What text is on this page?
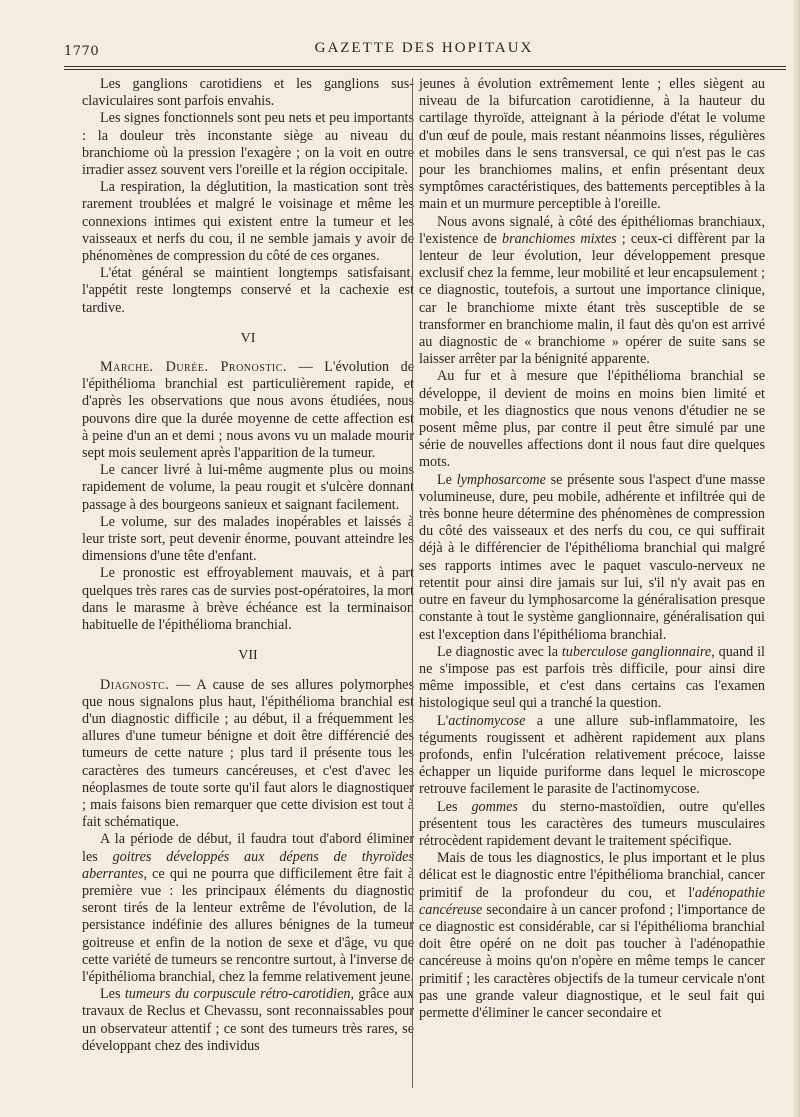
1770	GAZETTE DES HOPITAUX

Les ganglions carotidiens et les ganglions sus-claviculaires sont parfois envahis.

Les signes fonctionnels sont peu nets et peu importants : la douleur très inconstante siège au niveau du branchiome où la pression l'exagère ; on la voit en outre irradier assez souvent vers l'oreille et la région occipitale.

La respiration, la déglutition, la mastication sont très rarement troublées et malgré le voisinage et même les connexions intimes qui existent entre la tumeur et les vaisseaux et nerfs du cou, il ne semble jamais y avoir de phénomènes de compression du côté de ces organes.

L'état général se maintient longtemps satisfaisant, l'appétit reste longtemps conservé et la cachexie est tardive.

VI

Marche. Durée. Pronostic. — L'évolution de l'épithélioma branchial est particulièrement rapide, et d'après les observations que nous avons étudiées, nous pouvons dire que la durée moyenne de cette affection est à peine d'un an et demi ; nous avons vu un malade mourir sept mois seulement après l'apparition de la tumeur.

Le cancer livré à lui-même augmente plus ou moins rapidement de volume, la peau rougit et s'ulcère donnant passage à des bourgeons sanieux et saignant facilement.

Le volume, sur des malades inopérables et laissés à leur triste sort, peut devenir énorme, pouvant atteindre les dimensions d'une tête d'enfant.

Le pronostic est effroyablement mauvais, et à part quelques très rares cas de survies post-opératoires, la mort dans le marasme à brève échéance est la terminaison habituelle de l'épithélioma branchial.

VII

Diagnostc. — A cause de ses allures polymorphes que nous signalons plus haut, l'épithélioma branchial est d'un diagnostic difficile ; au début, il a fréquemment les allures d'une tumeur bénigne et doit être différencié des tumeurs de cette nature ; plus tard il présente tous les caractères des tumeurs cancéreuses, et c'est d'avec les néoplasmes de toute sorte qu'il faut alors le diagnostiquer ; mais faisons bien remarquer que cette division est tout à fait schématique.

A la période de début, il faudra tout d'abord éliminer les goitres développés aux dépens de thyroïdes aberrantes, ce qui ne pourra que difficilement être fait à première vue : les principaux éléments du diagnostic seront tirés de la lenteur extrême de l'évolution, de la persistance indéfinie des allures bénignes de la tumeur goitreuse et enfin de la notion de sexe et d'âge, vu que cette variété de tumeurs se rencontre surtout, à l'inverse de l'épithélioma branchial, chez la femme relativement jeune.

Les tumeurs du corpuscule rétro-carotidien, grâce aux travaux de Reclus et Chevassu, sont reconnaissables pour un observateur attentif ; ce sont des tumeurs très rares, se développant chez des individus

jeunes à évolution extrêmement lente ; elles siègent au niveau de la bifurcation carotidienne, à la hauteur du cartilage thyroïde, atteignant à la période d'état le volume d'un œuf de poule, mais restant néanmoins lisses, régulières et mobiles dans le sens transversal, ce qui n'est pas le cas pour les branchiomes malins, et enfin présentant deux symptômes caractéristiques, des battements perceptibles à la main et un murmure perceptible à l'oreille.

Nous avons signalé, à côté des épithéliomas branchiaux, l'existence de branchiomes mixtes ; ceux-ci diffèrent par la lenteur de leur évolution, leur développement presque exclusif chez la femme, leur mobilité et leur encapsulement ; ce diagnostic, toutefois, a surtout une importance clinique, car le branchiome mixte étant très susceptible de se transformer en branchiome malin, il faut dès qu'on est arrivé au diagnostic de « branchiome » opérer de suite sans se laisser arrêter par la bénignité apparente.

Au fur et à mesure que l'épithélioma branchial se développe, il devient de moins en moins bien limité et mobile, et les diagnostics que nous venons d'étudier ne se posent même plus, par contre il peut être simulé par une série de nouvelles affections dont il nous faut dire quelques mots.

Le lymphosarcome se présente sous l'aspect d'une masse volumineuse, dure, peu mobile, adhérente et infiltrée qui de très bonne heure détermine des phénomènes de compression du côté des vaisseaux et des nerfs du cou, ce qui suffirait déjà à le différencier de l'épithélioma branchial qui malgré ses rapports intimes avec le paquet vasculo-nerveux ne retentit pour ainsi dire jamais sur lui, s'il n'y avait pas en outre en faveur du lymphosarcome la généralisation presque constante à tout le système ganglionnaire, généralisation qui est l'exception dans l'épithélioma branchial.

Le diagnostic avec la tuberculose ganglionnaire, quand il ne s'impose pas est parfois très difficile, pour ainsi dire même impossible, et c'est dans certains cas l'examen histologique seul qui a tranché la question.

L'actinomycose a une allure sub-inflammatoire, les téguments rougissent et adhèrent rapidement aux plans profonds, enfin l'ulcération relativement précoce, laisse échapper un liquide puriforme dans lequel le microscope retrouve facilement le parasite de l'actinomycose.

Les gommes du sterno-mastoïdien, outre qu'elles présentent tous les caractères des tumeurs musculaires rétrocèdent rapidement devant le traitement spécifique.

Mais de tous les diagnostics, le plus important et le plus délicat est le diagnostic entre l'épithélioma branchial, cancer primitif de la profondeur du cou, et l'adénopathie cancéreuse secondaire à un cancer profond ; l'importance de ce diagnostic est considérable, car si l'épithélioma branchial doit être opéré on ne doit pas toucher à l'adénopathie cancéreuse à moins qu'on n'opère en même temps le cancer primitif ; les caractères objectifs de la tumeur cervicale n'ont pas une grande valeur diagnostique, et le seul fait qui permette d'éliminer le cancer secondaire et
